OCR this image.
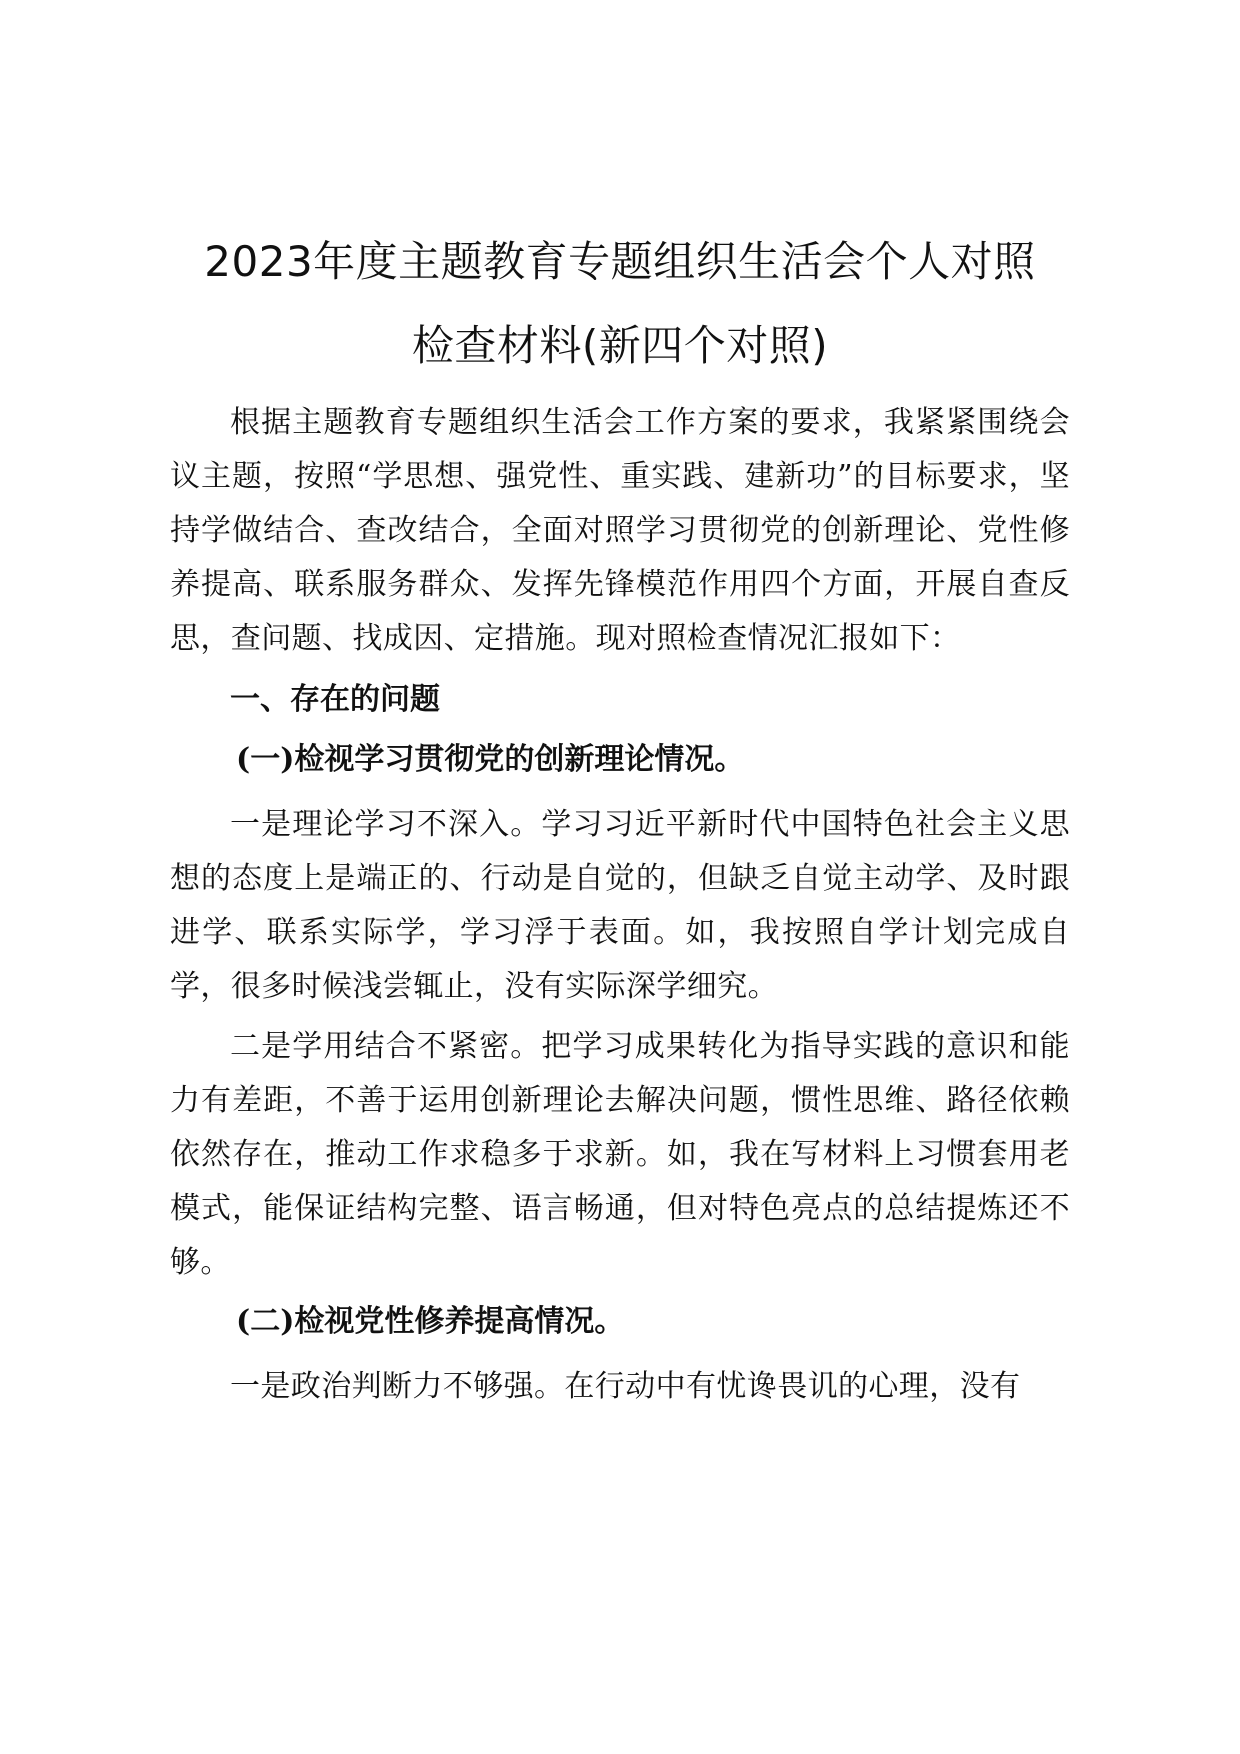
2023年度主题教育专题组织生活会个人对照
检查材料(新四个对照)

根据主题教育专题组织生活会工作方案的要求，我紧紧围绕会议主题，按照“学思想、强党性、重实践、建新功”的目标要求，坚持学做结合、查改结合，全面对照学习贯彻党的创新理论、党性修养提高、联系服务群众、发挥先锋模范作用四个方面，开展自查反思，查问题、找成因、定措施。现对照检查情况汇报如下：

一、存在的问题
(一)检视学习贯彻党的创新理论情况。

一是理论学习不深入。学习习近平新时代中国特色社会主义思想的态度上是端正的、行动是自觉的，但缺乏自觉主动学、及时跟进学、联系实际学，学习浮于表面。如，我按照自学计划完成自学，很多时候浅尝辄止，没有实际深学细究。

二是学用结合不紧密。把学习成果转化为指导实践的意识和能力有差距，不善于运用创新理论去解决问题，惯性思维、路径依赖依然存在，推动工作求稳多于求新。如，我在写材料上习惯套用老模式，能保证结构完整、语言畅通，但对特色亮点的总结提炼还不够。

(二)检视党性修养提高情况。

一是政治判断力不够强。在行动中有忧谗畏讥的心理，没有
